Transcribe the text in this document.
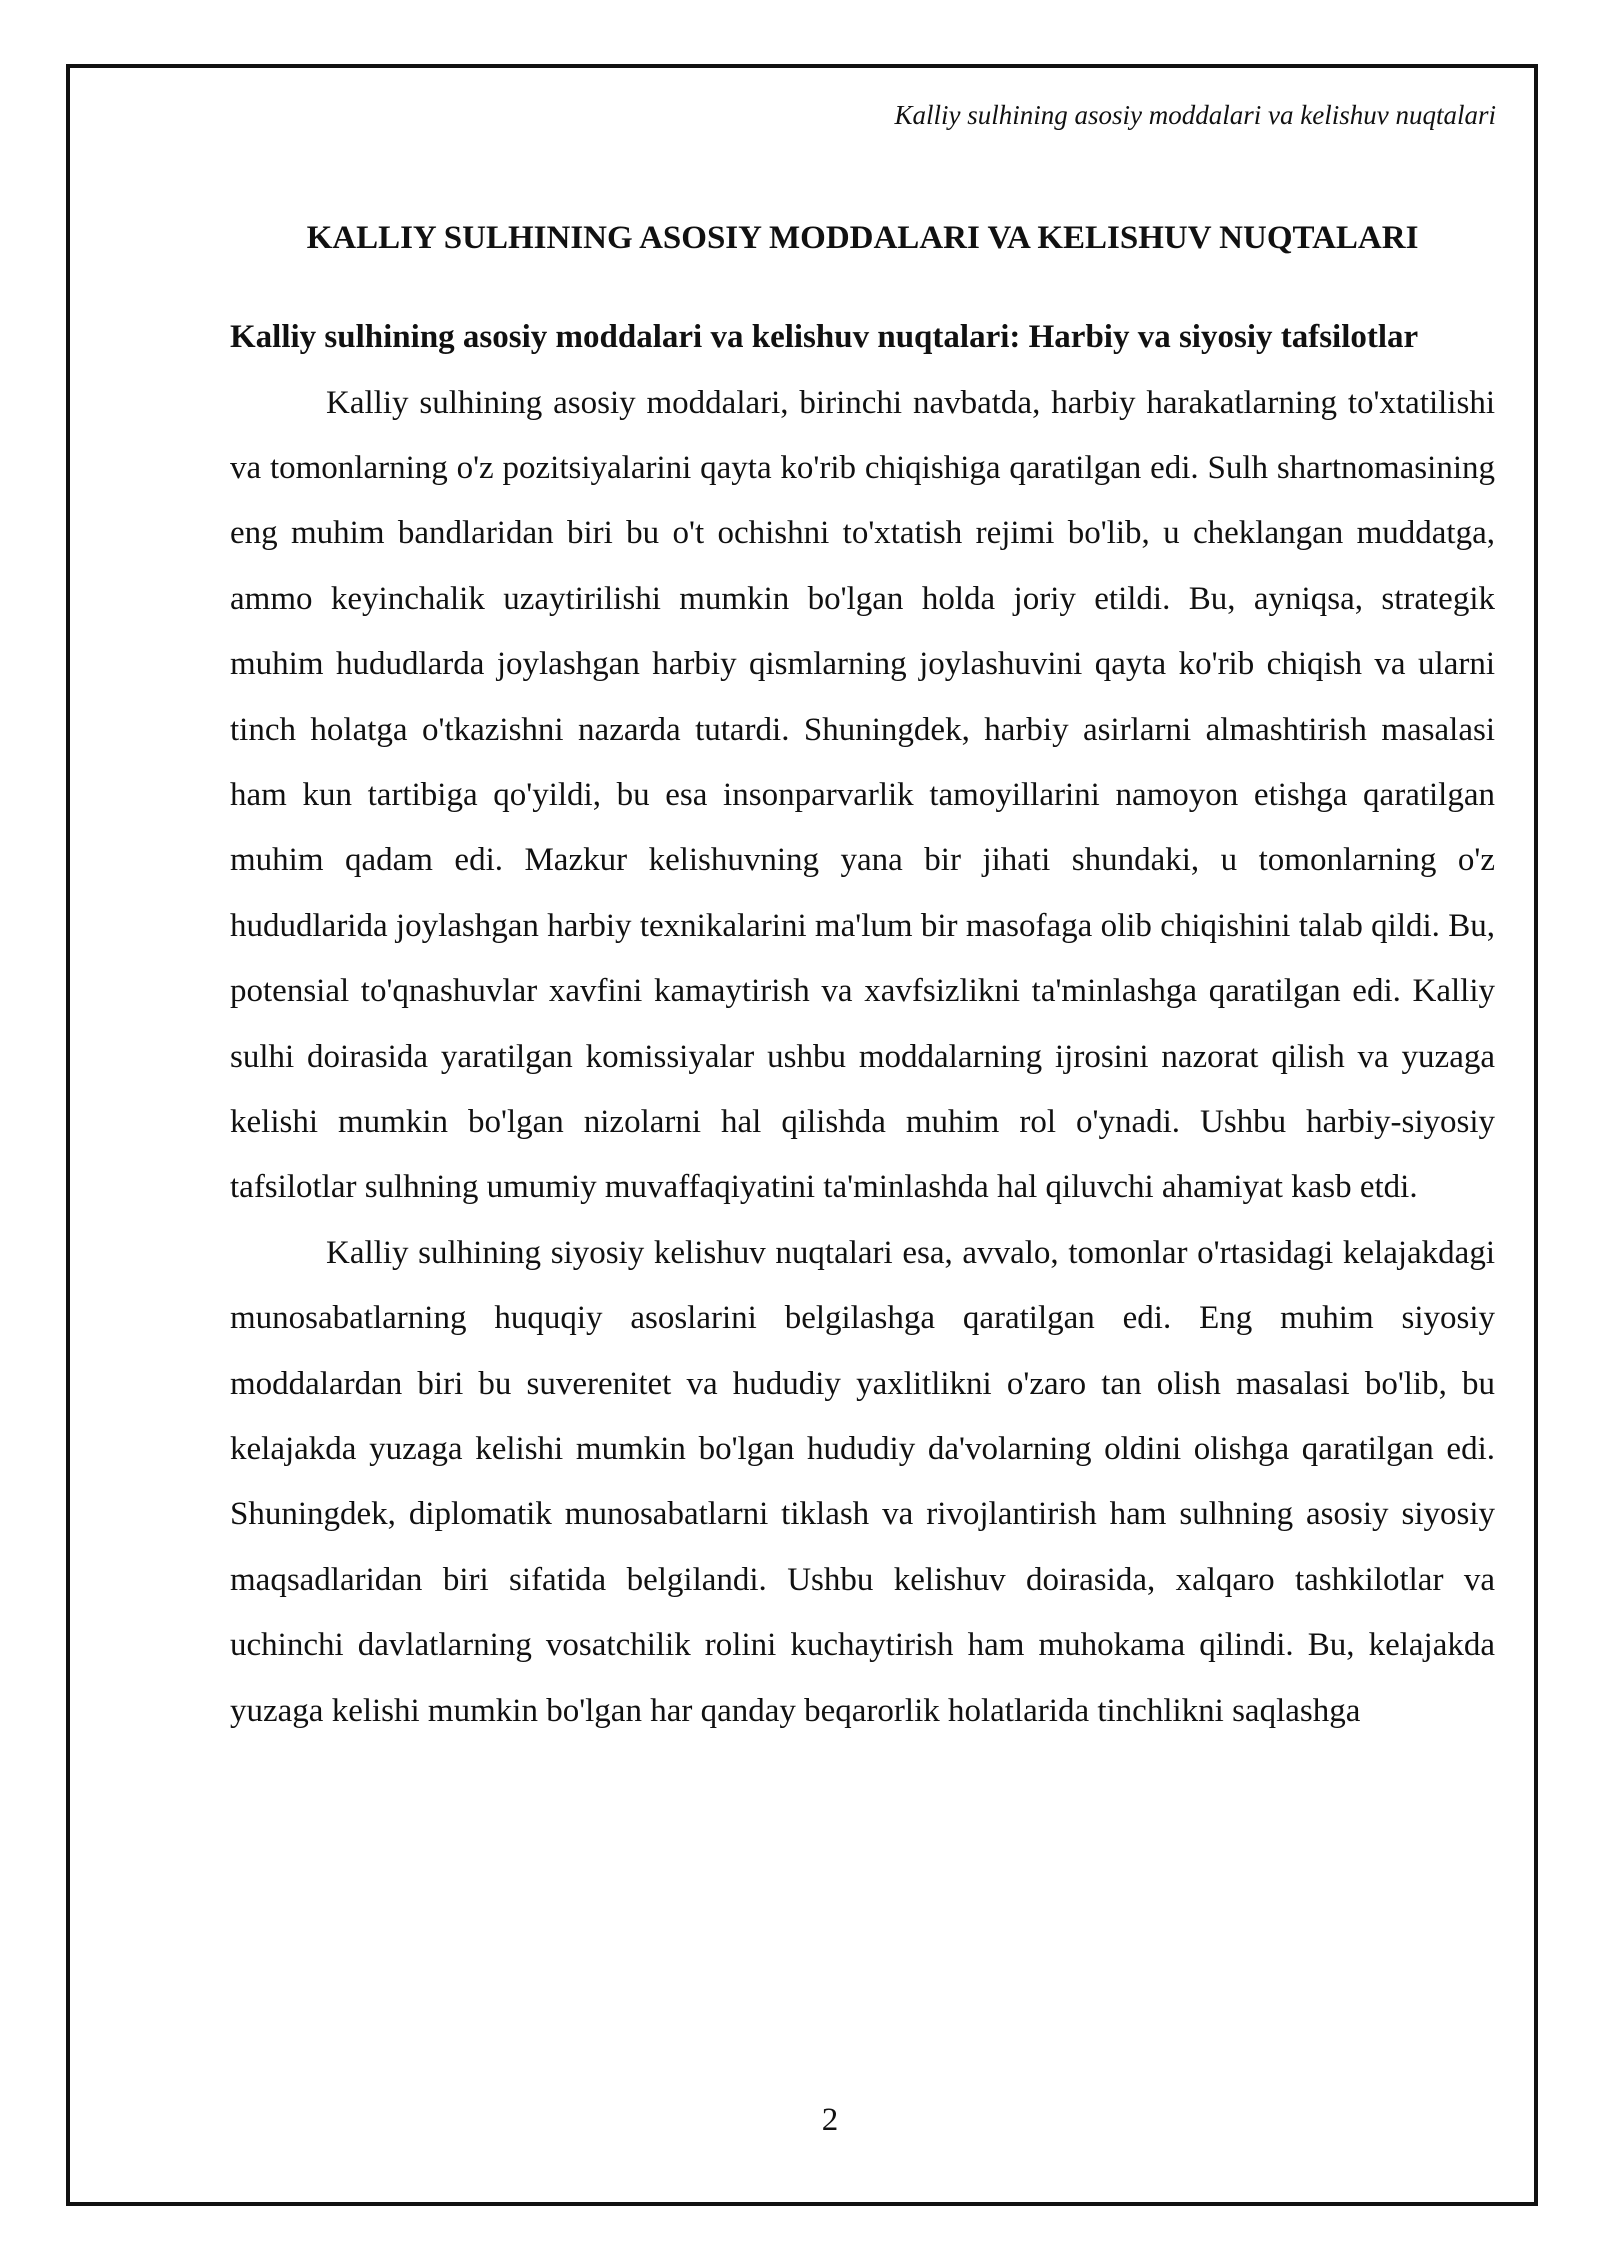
Kalliy sulhining asosiy moddalari va kelishuv nuqtalari
KALLIY SULHINING ASOSIY MODDALARI VA KELISHUV NUQTALARI
Kalliy sulhining asosiy moddalari va kelishuv nuqtalari: Harbiy va siyosiy tafsilotlar

Kalliy sulhining asosiy moddalari, birinchi navbatda, harbiy harakatlarning to'xtatilishi va tomonlarning o'z pozitsiyalarini qayta ko'rib chiqishiga qaratilgan edi. Sulh shartnomasining eng muhim bandlaridan biri bu o't ochishni to'xtatish rejimi bo'lib, u cheklangan muddatga, ammo keyinchalik uzaytirilishi mumkin bo'lgan holda joriy etildi. Bu, ayniqsa, strategik muhim hududlarda joylashgan harbiy qismlarning joylashuvini qayta ko'rib chiqish va ularni tinch holatga o'tkazishni nazarda tutardi. Shuningdek, harbiy asirlarni almashtirish masalasi ham kun tartibiga qo'yildi, bu esa insonparvarlik tamoyillarini namoyon etishga qaratilgan muhim qadam edi. Mazkur kelishuvning yana bir jihati shundaki, u tomonlarning o'z hududlarida joylashgan harbiy texnikalarini ma'lum bir masofaga olib chiqishini talab qildi. Bu, potensial to'qnashuvlar xavfini kamaytirish va xavfsizlikni ta'minlashga qaratilgan edi. Kalliy sulhi doirasida yaratilgan komissiyalar ushbu moddalarning ijrosini nazorat qilish va yuzaga kelishi mumkin bo'lgan nizolarni hal qilishda muhim rol o'ynadi. Ushbu harbiy-siyosiy tafsilotlar sulhning umumiy muvaffaqiyatini ta'minlashda hal qiluvchi ahamiyat kasb etdi.

Kalliy sulhining siyosiy kelishuv nuqtalari esa, avvalo, tomonlar o'rtasidagi kelajakdagi munosabatlarning huquqiy asoslarini belgilashga qaratilgan edi. Eng muhim siyosiy moddalardan biri bu suverenitet va hududiy yaxlitlikni o'zaro tan olish masalasi bo'lib, bu kelajakda yuzaga kelishi mumkin bo'lgan hududiy da'volarning oldini olishga qaratilgan edi. Shuningdek, diplomatik munosabatlarni tiklash va rivojlantirish ham sulhning asosiy siyosiy maqsadlaridan biri sifatida belgilandi. Ushbu kelishuv doirasida, xalqaro tashkilotlar va uchinchi davlatlarning vosatchilik rolini kuchaytirish ham muhokama qilindi. Bu, kelajakda yuzaga kelishi mumkin bo'lgan har qanday beqarorlik holatlarida tinchlikni saqlashga

2
